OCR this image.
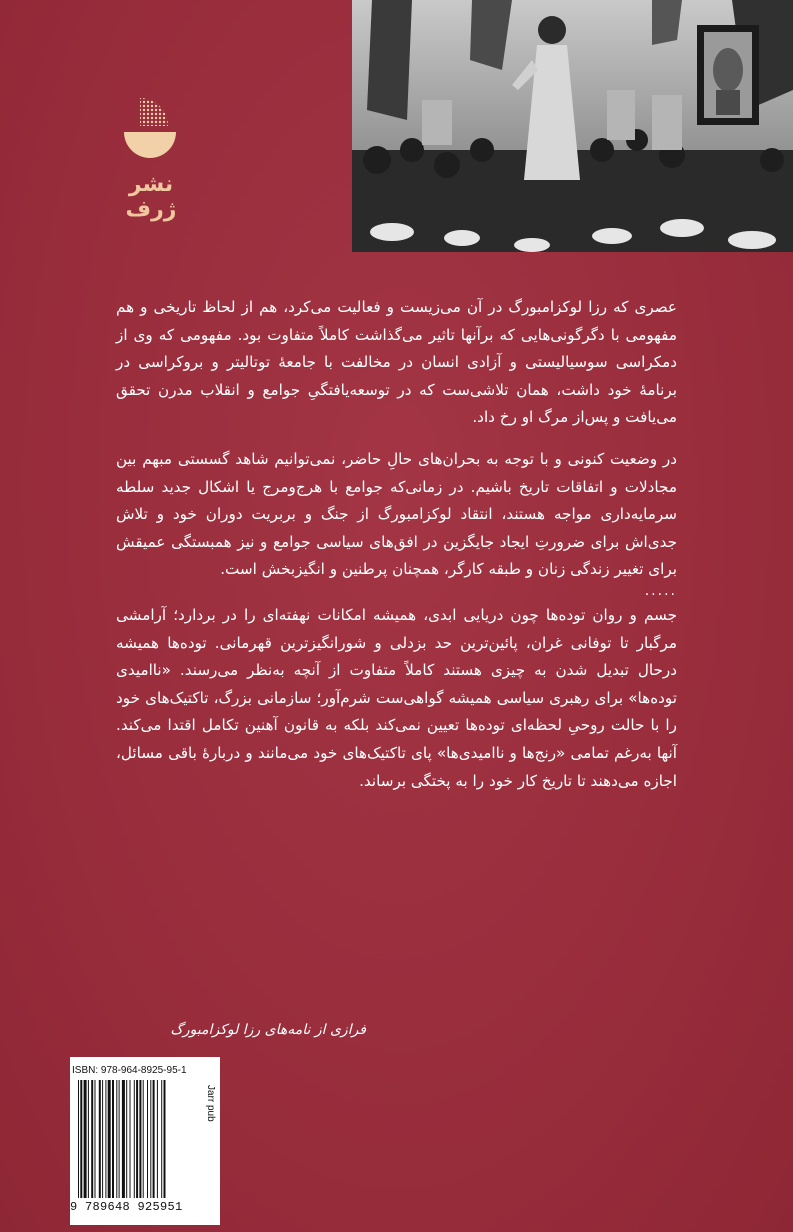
نشر ژرف

عصری که رزا لوکزامبورگ در آن می‌زیست و فعالیت می‌کرد، هم از لحاظ تاریخی و هم مفهومی با دگرگونی‌هایی که برآنها تاثیر می‌گذاشت کاملاً متفاوت بود. مفهومی که وی از دمکراسی سوسیالیستی و آزادی انسان در مخالفت با جامعهٔ توتالیتر و بروکراسی در برنامهٔ خود داشت، همان تلاشی‌ست که در توسعه‌یافتگیِ جوامع و انقلاب مدرن تحقق می‌یافت و پس‌از مرگ او رخ داد.

در وضعیت کنونی و با توجه به بحران‌های حالِ حاضر، نمی‌توانیم شاهد گسستی مبهم بین مجادلات و اتفاقات تاریخ باشیم. در زمانی‌که جوامع با هرج‌ومرج یا اشکال جدید سلطه سرمایه‌داری مواجه هستند، انتقاد لوکزامبورگ از جنگ و بربریت دوران خود و تلاش جدی‌اش برای ضرورتِ ایجاد جایگزین در افق‌های سیاسی جوامع و نیز همبستگی عمیقش برای تغییر زندگی زنان و طبقه کارگر، همچنان پرطنین و انگیزبخش است.

.....

جسم و روان توده‌ها چون دریایی ابدی، همیشه امکانات نهفته‌ای را در بردارد؛ آرامشی مرگبار تا توفانی غران، پائین‌ترین حد بزدلی و شورانگیزترین قهرمانی. توده‌ها همیشه درحال تبدیل شدن به چیزی هستند کاملاً متفاوت از آنچه به‌نظر می‌رسند. «ناامیدی توده‌ها» برای رهبری سیاسی همیشه گواهی‌ست شرم‌آور؛ سازمانی بزرگ، تاکتیک‌های خود را با حالت روحیِ لحظه‌ای توده‌ها تعیین نمی‌کند بلکه به قانون آهنین تکامل اقتدا می‌کند. آنها به‌رغم تمامی «رنج‌ها و ناامیدی‌ها» پای تاکتیک‌های خود می‌مانند و دربارهٔ باقی مسائل، اجازه می‌دهند تا تاریخ کار خود را به پختگی برساند.

فرازی از نامه‌های رزا لوکزامبورگ
ISBN: 978-964-8925-95-1
9 789648 925951
Jarr pub
